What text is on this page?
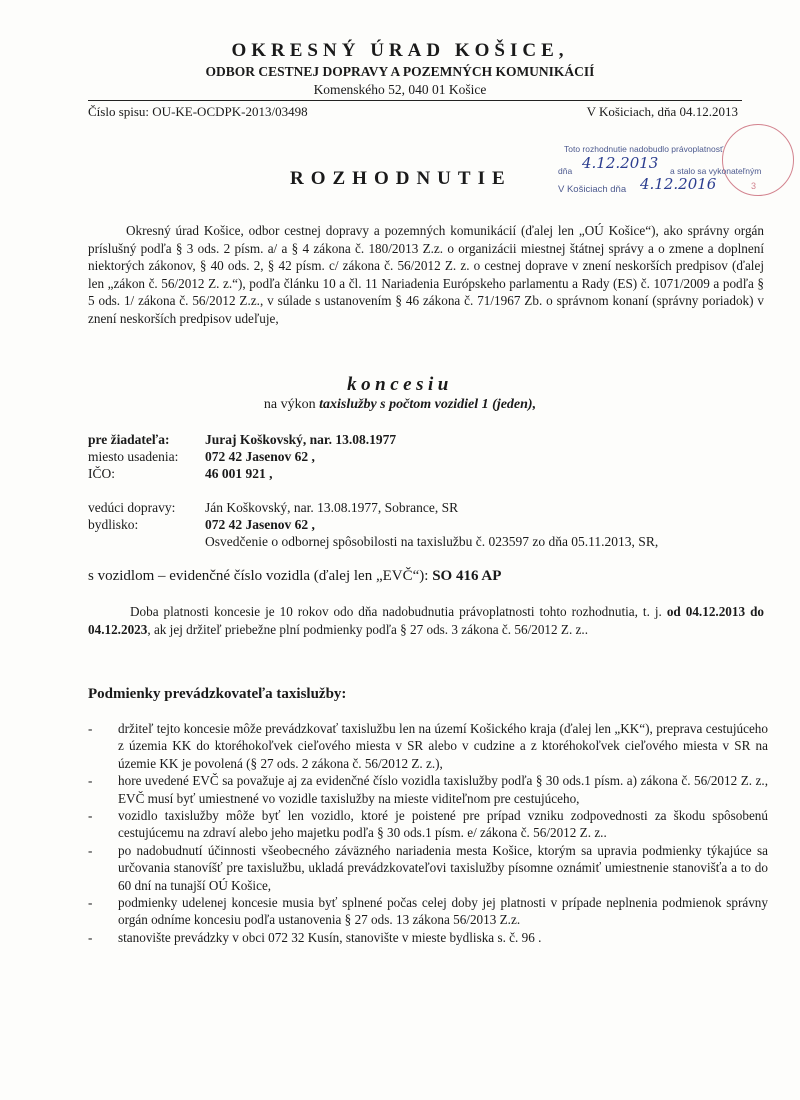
OKRESNÝ ÚRAD KOŠICE,
ODBOR CESTNEJ DOPRAVY A POZEMNÝCH KOMUNIKÁCIÍ
Komenského 52, 040 01 Košice
Číslo spisu: OU-KE-OCDPK-2013/03498	V Košiciach, dňa 04.12.2013
ROZHODNUTIE	3
Toto rozhodnutie nadobudlo právoplatnosť
dňa 4.12.2013 a stalo sa vykonateľným
V Košiciach dňa 4.12.2016
Okresný úrad Košice, odbor cestnej dopravy a pozemných komunikácií (ďalej len „OÚ Košice“), ako správny orgán príslušný podľa § 3 ods. 2 písm. a/ a § 4 zákona č. 180/2013 Z.z. o organizácii miestnej štátnej správy a o zmene a doplnení niektorých zákonov, § 40 ods. 2, § 42 písm. c/ zákona č. 56/2012 Z. z. o cestnej doprave v znení neskorších predpisov (ďalej len „zákon č. 56/2012 Z. z.“), podľa článku 10 a čl. 11 Nariadenia Európskeho parlamentu a Rady (ES) č. 1071/2009 a podľa § 5 ods. 1/ zákona č. 56/2012 Z.z., v súlade s ustanovením § 46 zákona č. 71/1967 Zb. o správnom konaní (správny poriadok) v znení neskorších predpisov udeľuje,
koncesiu
na výkon taxislužby s počtom vozidiel 1 (jeden),
pre žiadateľa:	Juraj Koškovský, nar. 13.08.1977
miesto usadenia: 072 42 Jasenov 62 ,
IČO:	46 001 921 ,
vedúci dopravy: Ján Koškovský, nar. 13.08.1977, Sobrance, SR
bydlisko:	072 42 Jasenov 62 ,
Osvedčenie o odbornej spôsobilosti na taxislužbu č. 023597 zo dňa 05.11.2013, SR,
s vozidlom – evidenčné číslo vozidla (ďalej len „EVČ“): SO 416 AP
Doba platnosti koncesie je 10 rokov odo dňa nadobudnutia právoplatnosti tohto rozhodnutia, t. j. od 04.12.2013 do 04.12.2023, ak jej držiteľ priebežne plní podmienky podľa § 27 ods. 3 zákona č. 56/2012 Z. z..
Podmienky prevádzkovateľa taxislužby:
- držiteľ tejto koncesie môže prevádzkovať taxislužbu len na území Košického kraja (ďalej len „KK“), preprava cestujúceho z územia KK do ktoréhokoľvek cieľového miesta v SR alebo v cudzine a z ktoréhokoľvek cieľového miesta v SR na územie KK je povolená (§ 27 ods. 2 zákona č. 56/2012 Z. z.),
- hore uvedené EVČ sa považuje aj za evidenčné číslo vozidla taxislužby podľa § 30 ods.1 písm. a) zákona č. 56/2012 Z. z., EVČ musí byť umiestnené vo vozidle taxislužby na mieste viditeľnom pre cestujúceho,
- vozidlo taxislužby môže byť len vozidlo, ktoré je poistené pre prípad vzniku zodpovednosti za škodu spôsobenú cestujúcemu na zdraví alebo jeho majetku podľa § 30 ods.1 písm. e/ zákona č. 56/2012 Z. z..
- po nadobudnutí účinnosti všeobecného záväzného nariadenia mesta Košice, ktorým sa upravia podmienky týkajúce sa určovania stanovíšť pre taxislužbu, ukladá prevádzkovateľovi taxislužby písomne oznámiť umiestnenie stanovišťa a to do 60 dní na tunajší OÚ Košice,
- podmienky udelenej koncesie musia byť splnené počas celej doby jej platnosti v prípade neplnenia podmienok správny orgán odníme koncesiu podľa ustanovenia § 27 ods. 13 zákona 56/2013 Z.z.
- stanovište prevádzky v obci 072 32 Kusín, stanovište v mieste bydliska s. č. 96 .
